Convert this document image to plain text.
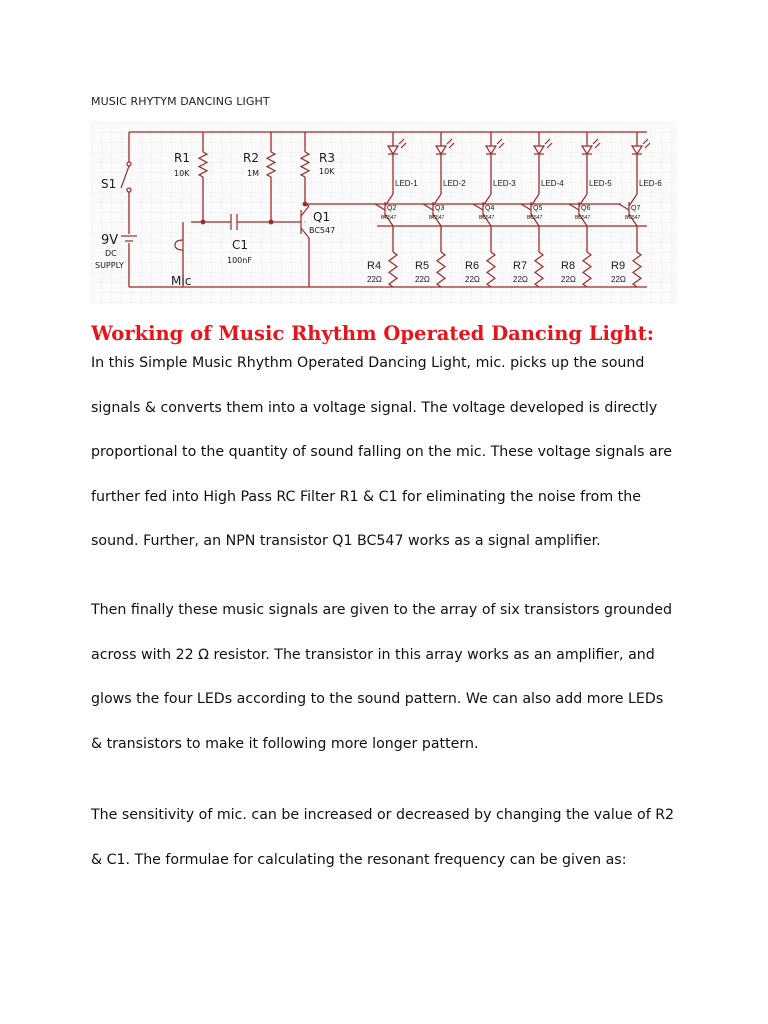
MUSIC RHYTYM DANCING LIGHT
LED-1
Q2
BC547
R4
22Ω
LED-2
Q3
BC547
R5
22Ω
LED-3
Q4
BC547
R6
22Ω
LED-4
Q5
BC547
R7
22Ω
LED-5
Q6
BC547
R8
22Ω
LED-6
Q7
BC547
R9
22Ω
S1
9V
DC
SUPPLY
Mic
R1
10K
R2
1M
R3
10K
C1
100nF
Q1
BC547
Working of Music Rhythm Operated Dancing Light:

In this Simple Music Rhythm Operated Dancing Light, mic. picks up the sound
signals & converts them into a voltage signal. The voltage developed is directly
proportional to the quantity of sound falling on the mic. These voltage signals are
further fed into High Pass RC Filter R1 & C1 for eliminating the noise from the
sound. Further, an NPN transistor Q1 BC547 works as a signal amplifier.

Then finally these music signals are given to the array of six transistors grounded
across with 22 Ω resistor. The transistor in this array works as an amplifier, and
glows the four LEDs according to the sound pattern. We can also add more LEDs
& transistors to make it following more longer pattern.

The sensitivity of mic. can be increased or decreased by changing the value of R2
& C1. The formulae for calculating the resonant frequency can be given as:
